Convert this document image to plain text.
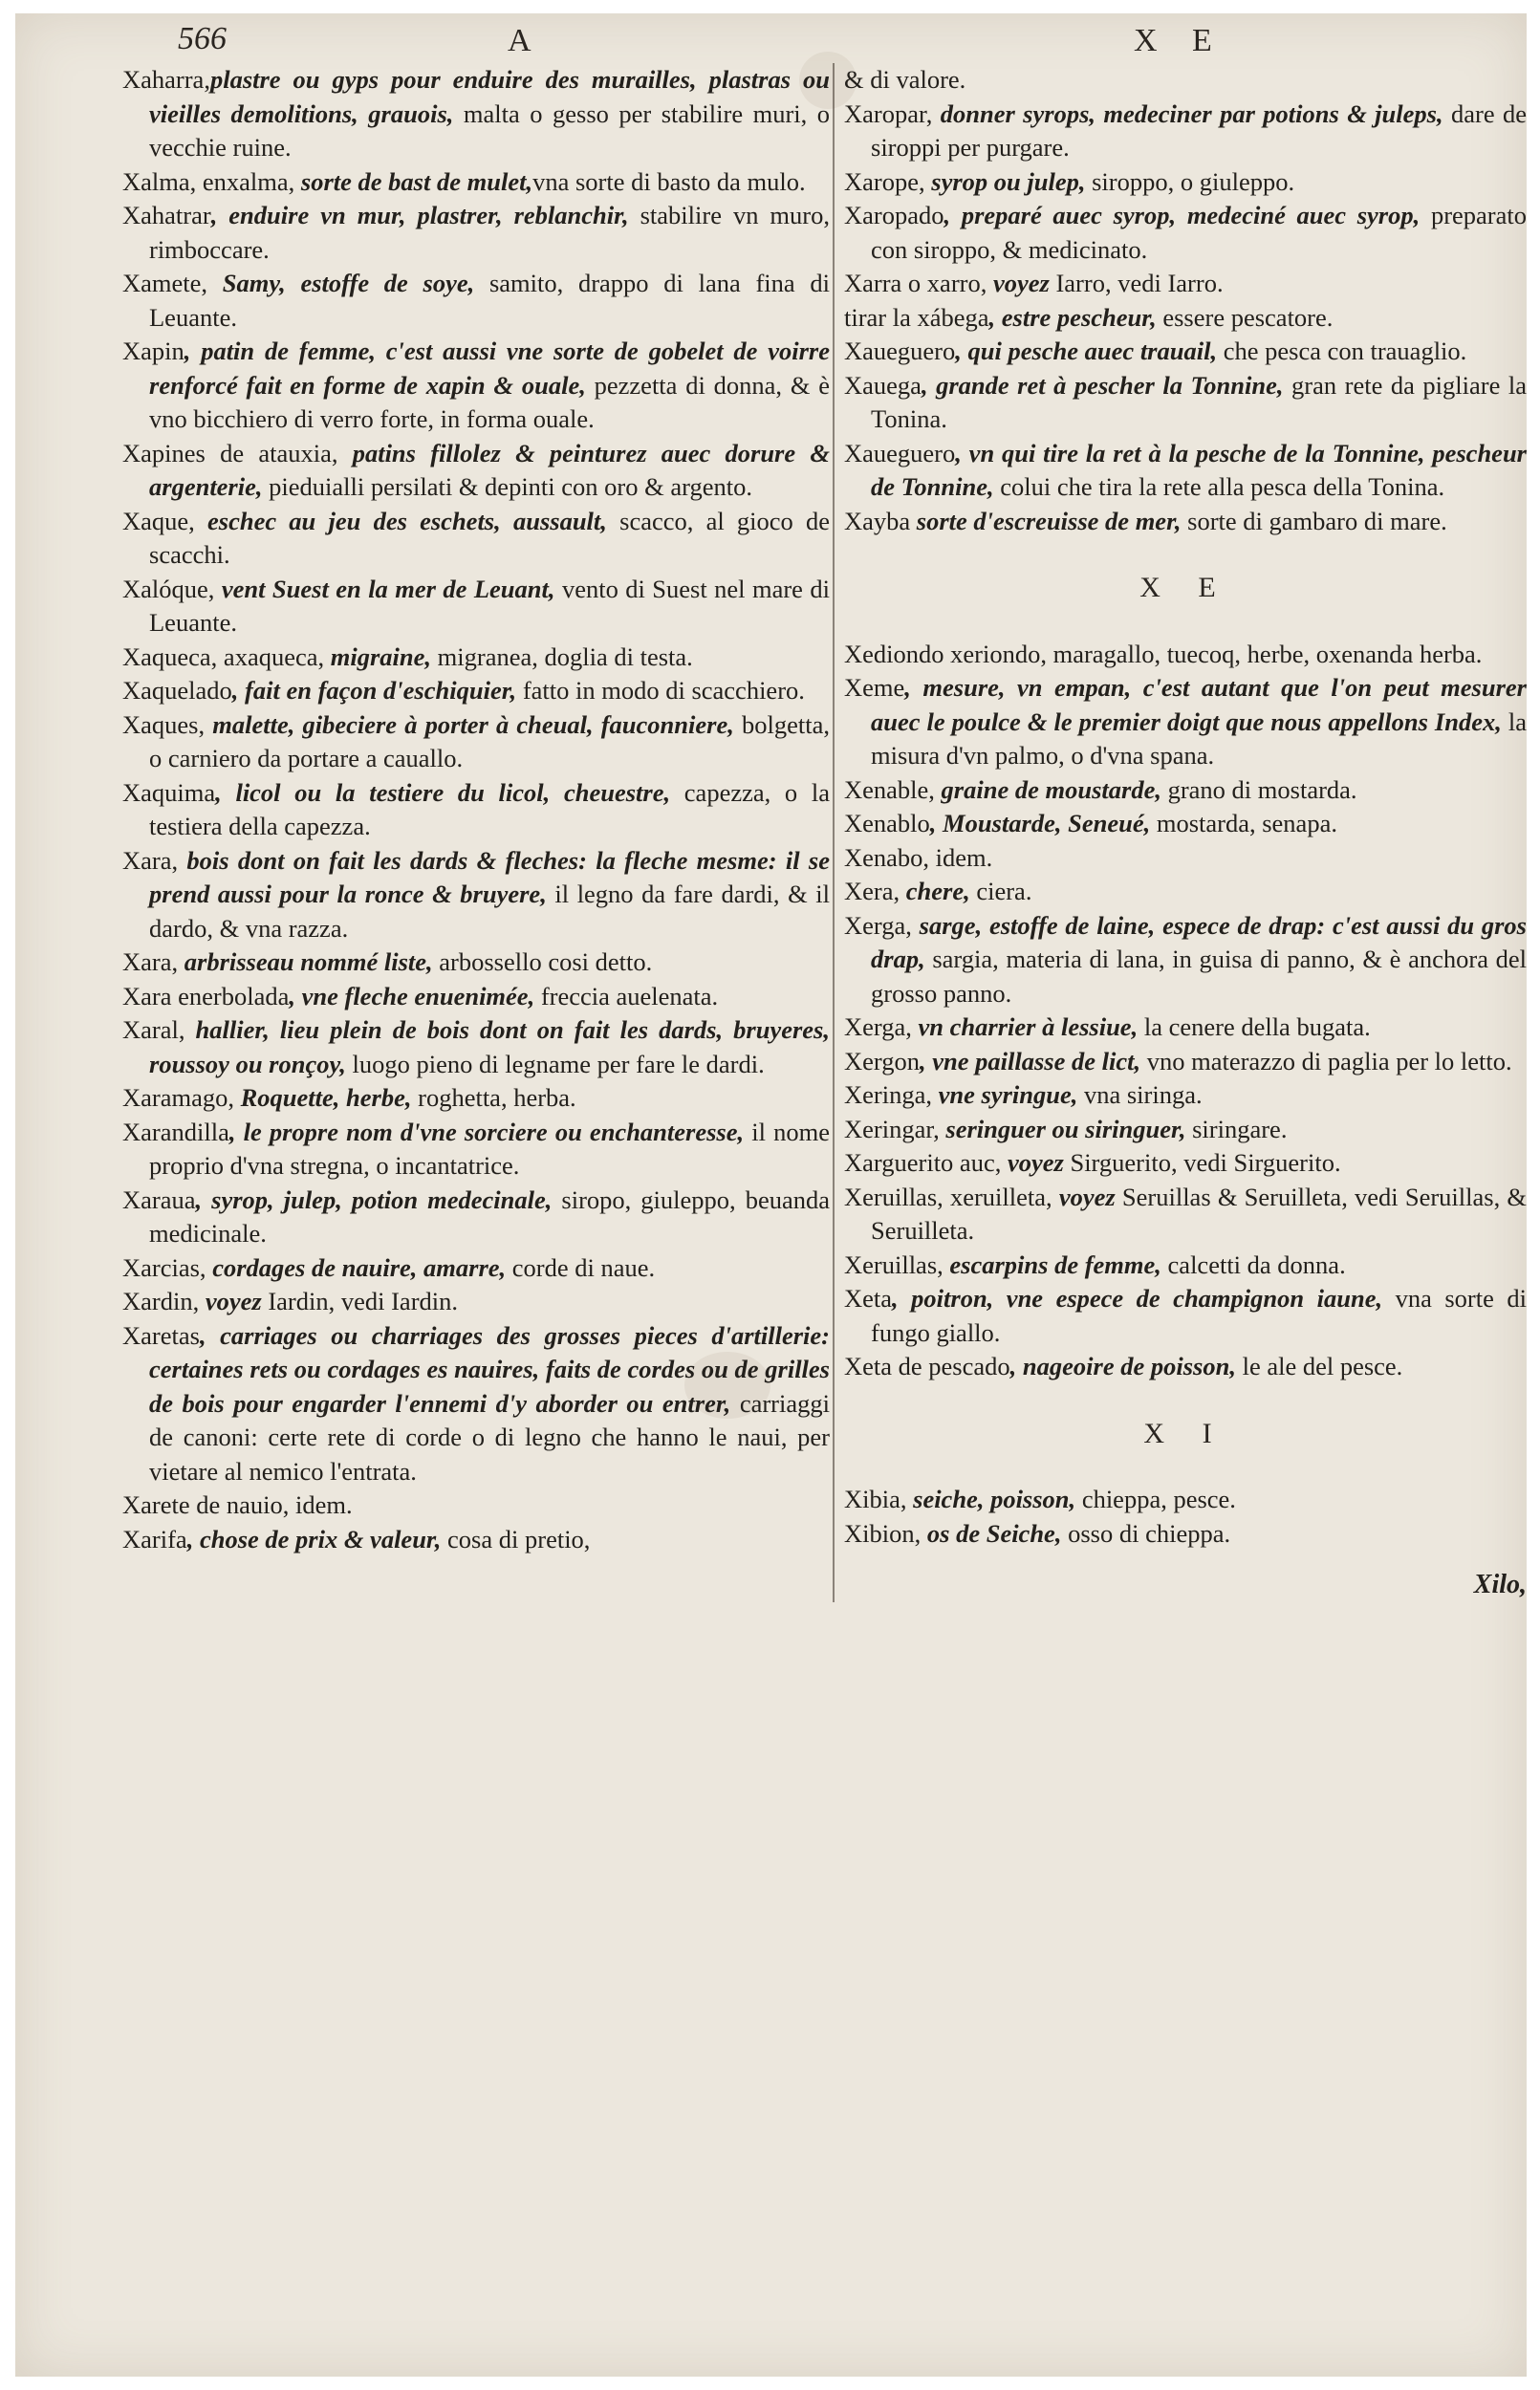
566	A	X E
Xaharra,plastre ou gyps pour enduire des murailles, plastras ou vieilles demolitions, grauois, malta o gesso per stabilire muri, o vecchie ruine.
Xalma, enxalma, sorte de bast de mulet,vna sorte di basto da mulo.
Xahatrar, enduire vn mur, plastrer, reblanchir, stabilire vn muro, rimboccare.
Xamete, Samy, estoffe de soye, samito, drappo di lana fina di Leuante.
Xapin, patin de femme, c'est aussi vne sorte de gobelet de voirre renforcé fait en forme de xapin & ouale, pezzetta di donna, & è vno bicchiero di verro forte, in forma ouale.
Xapines de atauxia, patins fillolez & peinturez auec dorure & argenterie, pieduialli persilati & depinti con oro & argento.
Xaque, eschec au jeu des eschets, aussault, scacco, al gioco de scacchi.
Xalóque, vent Suest en la mer de Leuant, vento di Suest nel mare di Leuante.
Xaqueca, axaqueca, migraine, migranea, doglia di testa.
Xaquelado, fait en façon d'eschiquier, fatto in modo di scacchiero.
Xaques, malette, gibeciere à porter à cheual, fauconniere, bolgetta, o carniero da portare a cauallo.
Xaquima, licol ou la testiere du licol, cheuestre, capezza, o la testiera della capezza.
Xara, bois dont on fait les dards & fleches: la fleche mesme: il se prend aussi pour la ronce & bruyere, il legno da fare dardi, & il dardo, & vna razza.
Xara, arbrisseau nommé liste, arbossello cosi detto.
Xara enerbolada, vne fleche enuenimée, freccia auelenata.
Xaral, hallier, lieu plein de bois dont on fait les dards, bruyeres, roussoy ou ronçoy, luogo pieno di legname per fare le dardi.
Xaramago, Roquette, herbe, roghetta, herba.
Xarandilla, le propre nom d'vne sorciere ou enchanteresse, il nome proprio d'vna stregna, o incantatrice.
Xaraua, syrop, julep, potion medecinale, siropo, giuleppo, beuanda medicinale.
Xarcias, cordages de nauire, amarre, corde di naue.
Xardin, voyez Iardin, vedi Iardin.
Xaretas, carriages ou charriages des grosses pieces d'artillerie: certaines rets ou cordages es nauires, faits de cordes ou de grilles de bois pour engarder l'ennemi d'y aborder ou entrer, carriaggi de canoni: certe rete di corde o di legno che hanno le naui, per vietare al nemico l'entrata.
Xarete de nauio, idem.
Xarifa, chose de prix & valeur, cosa di pretio,
& di valore.
Xaropar, donner syrops, medeciner par potions & juleps, dare de siroppi per purgare.
Xarope, syrop ou julep, siroppo, o giuleppo.
Xaropado, preparé auec syrop, medeciné auec syrop, preparato con siroppo, & medicinato.
Xarra o xarro, voyez Iarro, vedi Iarro.
tirar la xábega, estre pescheur, essere pescatore.
Xaueguero, qui pesche auec trauail, che pesca con trauaglio.
Xauega, grande ret à pescher la Tonnine, gran rete da pigliare la Tonina.
Xaueguero, vn qui tire la ret à la pesche de la Tonnine, pescheur de Tonnine, colui che tira la rete alla pesca della Tonina.
Xayba sorte d'escreuisse de mer, sorte di gambaro di mare.
X E
Xediondo xeriondo, maragallo, tuecoq, herbe, oxenanda herba.
Xeme, mesure, vn empan, c'est autant que l'on peut mesurer auec le poulce & le premier doigt que nous appellons Index, la misura d'vn palmo, o d'vna spana.
Xenable, graine de moustarde, grano di mostarda.
Xenablo, Moustarde, Seneué, mostarda, senapa.
Xenabo, idem.
Xera, chere, ciera.
Xerga, sarge, estoffe de laine, espece de drap: c'est aussi du gros drap, sargia, materia di lana, in guisa di panno, & è anchora del grosso panno.
Xerga, vn charrier à lessiue, la cenere della bugata.
Xergon, vne paillasse de lict, vno materazzo di paglia per lo letto.
Xeringa, vne syringue, vna siringa.
Xeringar, seringuer ou siringuer, siringare.
Xarguerito auc, voyez Sirguerito, vedi Sirguerito.
Xeruillas, xeruilleta, voyez Seruillas & Seruilleta, vedi Seruillas, & Seruilleta.
Xeruillas, escarpins de femme, calcetti da donna.
Xeta, poitron, vne espece de champignon iaune, vna sorte di fungo giallo.
Xeta de pescado, nageoire de poisson, le ale del pesce.
X I
Xibia, seiche, poisson, chieppa, pesce.
Xibion, os de Seiche, osso di chieppa.
Xilo,
